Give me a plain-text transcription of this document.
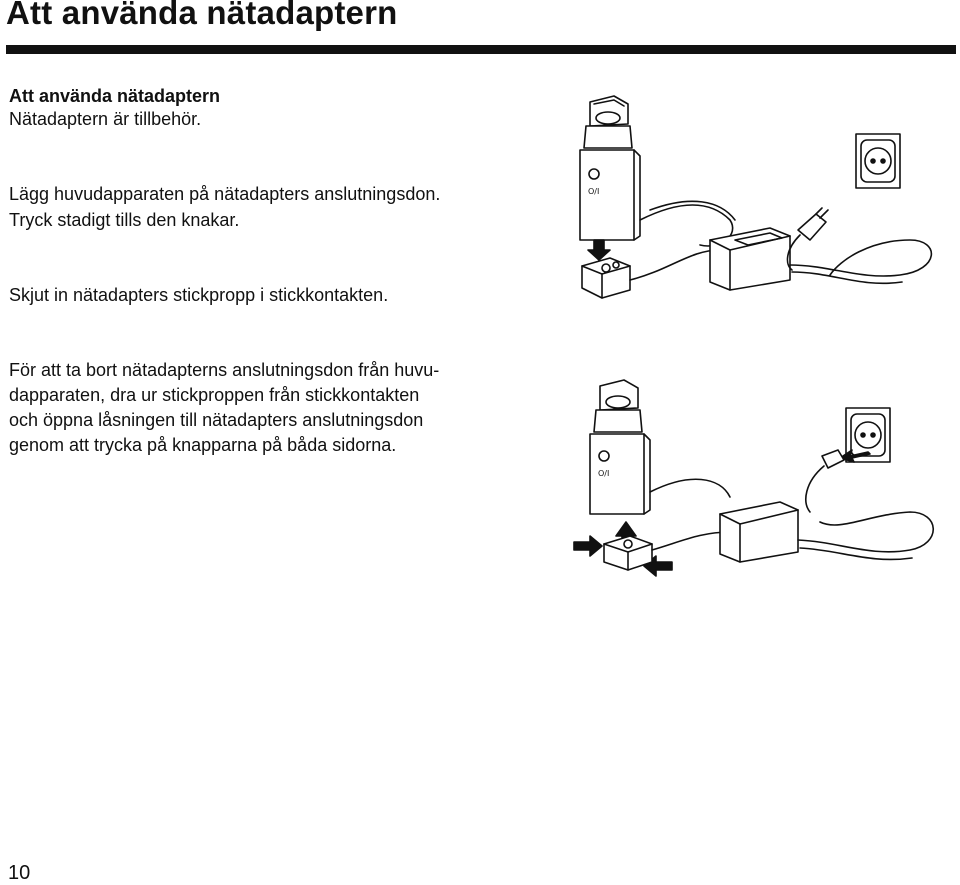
Att använda nätadaptern
Att använda nätadaptern
Nätadaptern är tillbehör.
Lägg huvudapparaten på nätadapters anslutningsdon.
Tryck stadigt tills den knakar.
Skjut in nätadapters stickpropp i stickkontakten.
För att ta bort nätadapterns anslutningsdon från huvu-
dapparaten, dra ur stickproppen från stickkontakten
och öppna låsningen till nätadapters anslutningsdon
genom att trycka på knapparna på båda sidorna.
O/I
O/I
10
